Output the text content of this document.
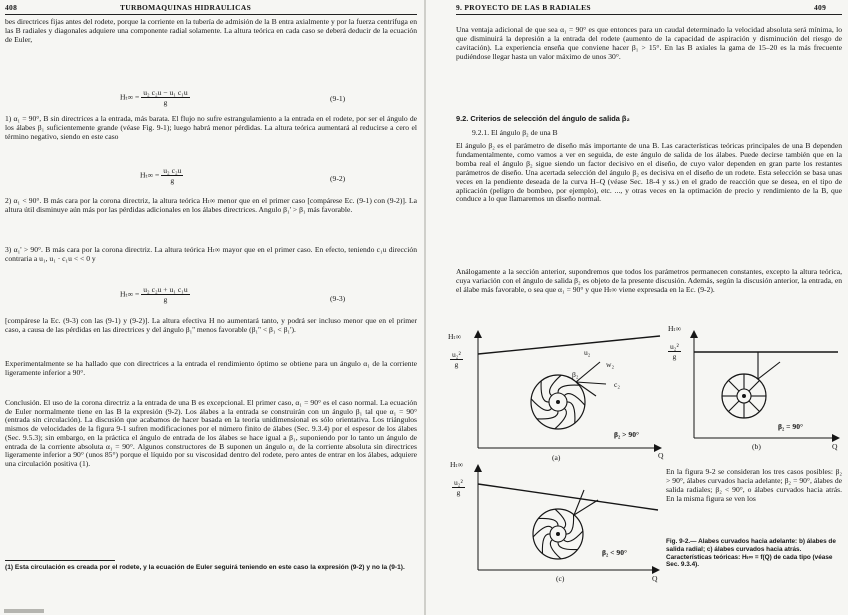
408	TURBOMAQUINAS HIDRAULICAS

bes directrices fijas antes del rodete, porque la corriente en la tubería de admisión de la B entra axialmente y por la fuerza centrífuga en las B radiales y diagonales adquiere una componente radial solamente. La altura teórica en cada caso se deberá deducir de la ecuación de Euler,

$H_t\infty = \frac{\text{u₂ c₂u − u₁ c₁u}}{g}$	(9-1)

1) α₁ = 90°, B sin directrices a la entrada, más barata. El flujo no sufre estrangulamiento a la entrada en el rodete, por ser el ángulo de los álabes β₁ suficientemente grande (véase Fig. 9-1); luego habrá menor pérdidas. La altura teórica aumentará al reducirse a cero el término negativo, siendo en este caso

$H_t\infty = \frac{\text{u₂ c₂u}}{g}$	(9-2)

2) α₁ < 90°. B más cara por la corona directriz, la altura teórica Hₜ∞ menor que en el primer caso [compárese Ec. (9-1) con (9-2)]. La altura útil disminuye aún más por las pérdidas adicionales en los álabes directrices. Angulo β₁' > β₁ más favorable.

3) α₁' > 90°. B más cara por la corona directriz. La altura teórica Hₜ∞ mayor que en el primer caso. En efecto, teniendo c₁u dirección contraria a u₁, u₁ · c₁u < < 0 y

$H_t\infty = \frac{\text{u₂ c₂u + u₁ c₁u}}{g}$	(9-3)

[compárese la Ec. (9-3) con las (9-1) y (9-2)]. La altura efectiva H no aumentará tanto, y podrá ser incluso menor que en el primer caso, a causa de las pérdidas en las directrices y del ángulo β₁'' menos favorable (β₁'' < β₁ < β₁').

Experimentalmente se ha hallado que con directrices a la entrada el rendimiento óptimo se obtiene para un ángulo α₁ de la corriente ligeramente inferior a 90°.

Conclusión. El uso de la corona directriz a la entrada de una B es excepcional. El primer caso, α₁ = 90° es el caso normal. La ecuación de Euler normalmente tiene en las B la expresión (9-2). Los álabes a la entrada se construirán con un ángulo β₁ tal que α₁ = 90° (entrada sin circulación). La discusión que acabamos de hacer basada en la teoría unidimensional es sólo orientativa. Los triángulos mismos de velocidades de la figura 9-1 sufren modificaciones por el número finito de álabes (Sec. 9.3.4) por el espesor de los álabes (Sec. 9.5.3); sin embargo, en la práctica el ángulo de entrada de los álabes se hace igual a β₁, suponiendo por lo tanto un ángulo de entrada de la corriente absoluta α₁ = 90°. Algunos constructores de B suponen un ángulo α₁ de la corriente absoluta sin directrices ligeramente inferior a 90° (unos 85°) porque el líquido por su viscosidad dentro del rodete, pero antes de entrar en los álabes, adquiere una circulación positiva (1).

(1) Esta circulación es creada por el rodete, y la ecuación de Euler seguirá teniendo en este caso la expresión (9-2) y no la (9-1).

9. PROYECTO DE LAS B RADIALES	409

Una ventaja adicional de que sea α₁ = 90° es que entonces para un caudal determinado la velocidad absoluta será mínima, lo que disminuirá la depresión a la entrada del rodete (aumento de la capacidad de aspiración y disminución del riesgo de cavitación). La experiencia enseña que conviene hacer β₁ > 15°. En las B axiales la gama de 15–20 es la más frecuente pudiéndose llegar hasta un valor máximo de unos 30°.

9.2. Criterios de selección del ángulo de salida β₂
9.2.1. El ángulo β₂ de una B

El ángulo β₂ es el parámetro de diseño más importante de una B. Las características teóricas principales de una B dependen fundamentalmente, como vamos a ver en seguida, de este ángulo de salida de los álabes. Puede decirse también que en la bomba real el ángulo β₂ sigue siendo un factor decisivo en el diseño, de cuyo valor dependen en gran parte los restantes parámetros de diseño. Una acertada selección del ángulo β₂ es decisiva en el diseño de un rodete. Esta selección se basa unas veces en la pendiente deseada de la curva H–Q (véase Sec. 18-4 y ss.) en el grado de reacción que se desea, en el tipo de aplicación (peligro de bombeo, por ejemplo), etc. ..., y otras veces en la optimación de precio y rendimiento de la B, que conduce a lo que llamaremos un diseño normal.

Análogamente a la sección anterior, supondremos que todos los parámetros permanecen constantes, excepto la altura teórica, cuya variación con el ángulo de salida β₂ es objeto de la presente discusión. Además, según la discusión anterior, la entrada, en el álabe más favorable, o sea que α₁ = 90° y que Hₜ∞ viene expresada en la Ec. (9-2).

Hₜ∞
$\frac{\text{u₂²}}{g}$	w₂
c₂
u₂
β₂
β₂ > 90°
(a)	Q
Hₜ∞
$\frac{\text{u₂²}}{g}$
β₂ = 90°
(b)	Q
Hₜ∞
$\frac{\text{u₂²}}{g}$
β₂ < 90°
(c)	Q

En la figura 9-2 se consideran los tres casos posibles: β₂ > 90°, álabes curvados hacia adelante; β₂ = 90°, álabes de salida radiales; β₂ < 90°, o álabes curvados hacia atrás. En la misma figura se ven los

Fig. 9-2.— Alabes curvados hacia adelante: b) álabes de salida radial; c) álabes curvados hacia atrás. Características teóricas: Hₜ∞ = f(Q) de cada tipo (véase Sec. 9.3.4).
